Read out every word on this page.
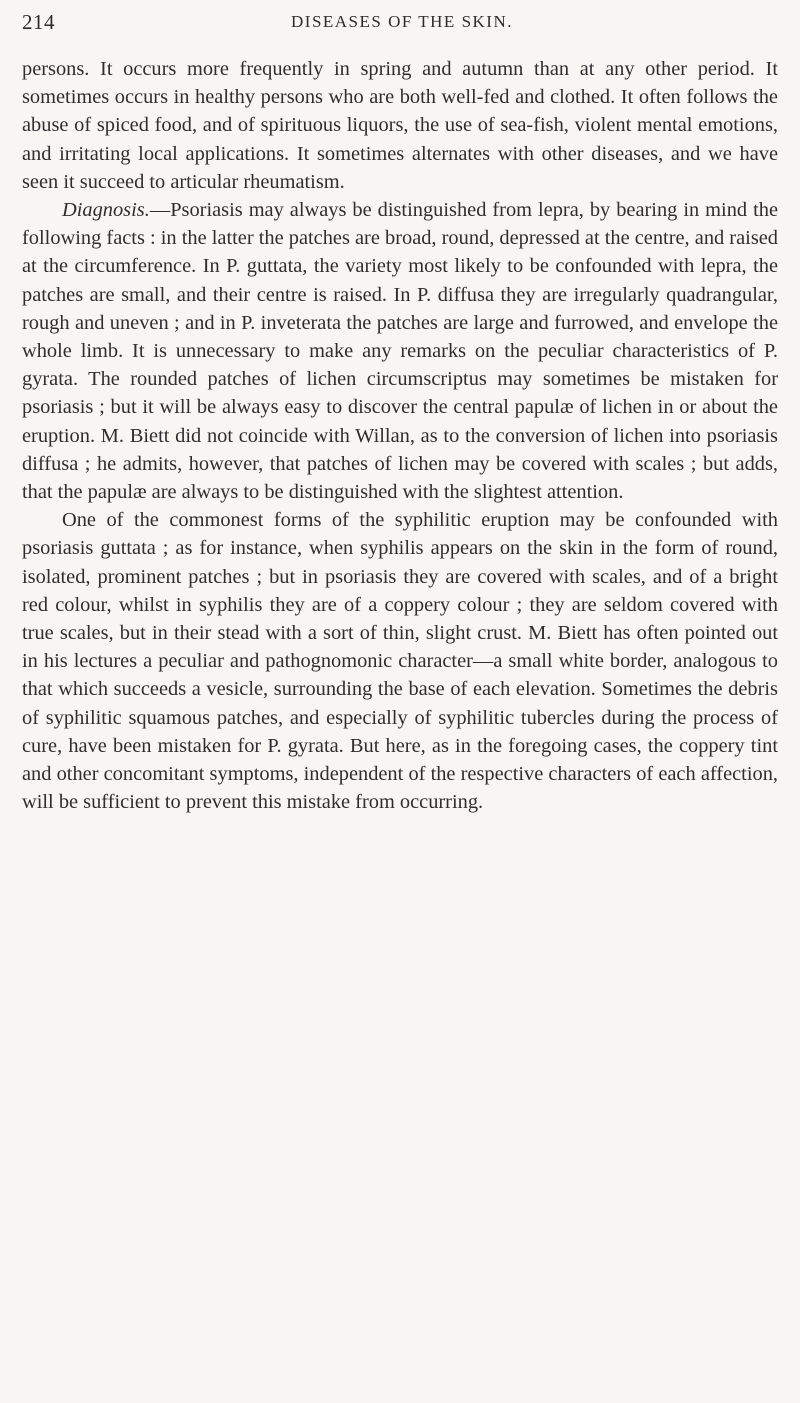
214	DISEASES OF THE SKIN.

persons. It occurs more frequently in spring and autumn than at any other period. It sometimes occurs in healthy persons who are both well-fed and clothed. It often follows the abuse of spiced food, and of spirituous liquors, the use of sea-fish, violent mental emotions, and irritating local applications. It sometimes alternates with other diseases, and we have seen it succeed to articular rheumatism.

Diagnosis.—Psoriasis may always be distinguished from lepra, by bearing in mind the following facts : in the latter the patches are broad, round, depressed at the centre, and raised at the circumference. In P. guttata, the variety most likely to be confounded with lepra, the patches are small, and their centre is raised. In P. diffusa they are irregularly quadrangular, rough and uneven ; and in P. inveterata the patches are large and furrowed, and envelope the whole limb. It is unnecessary to make any remarks on the peculiar characteristics of P. gyrata. The rounded patches of lichen circumscriptus may sometimes be mistaken for psoriasis ; but it will be always easy to discover the central papulæ of lichen in or about the eruption. M. Biett did not coincide with Willan, as to the conversion of lichen into psoriasis diffusa ; he admits, however, that patches of lichen may be covered with scales ; but adds, that the papulæ are always to be distinguished with the slightest attention.

One of the commonest forms of the syphilitic eruption may be confounded with psoriasis guttata ; as for instance, when syphilis appears on the skin in the form of round, isolated, prominent patches ; but in psoriasis they are covered with scales, and of a bright red colour, whilst in syphilis they are of a coppery colour ; they are seldom covered with true scales, but in their stead with a sort of thin, slight crust. M. Biett has often pointed out in his lectures a peculiar and pathognomonic character—a small white border, analogous to that which succeeds a vesicle, surrounding the base of each elevation. Sometimes the debris of syphilitic squamous patches, and especially of syphilitic tubercles during the process of cure, have been mistaken for P. gyrata. But here, as in the foregoing cases, the coppery tint and other concomitant symptoms, independent of the respective characters of each affection, will be sufficient to prevent this mistake from occurring.
